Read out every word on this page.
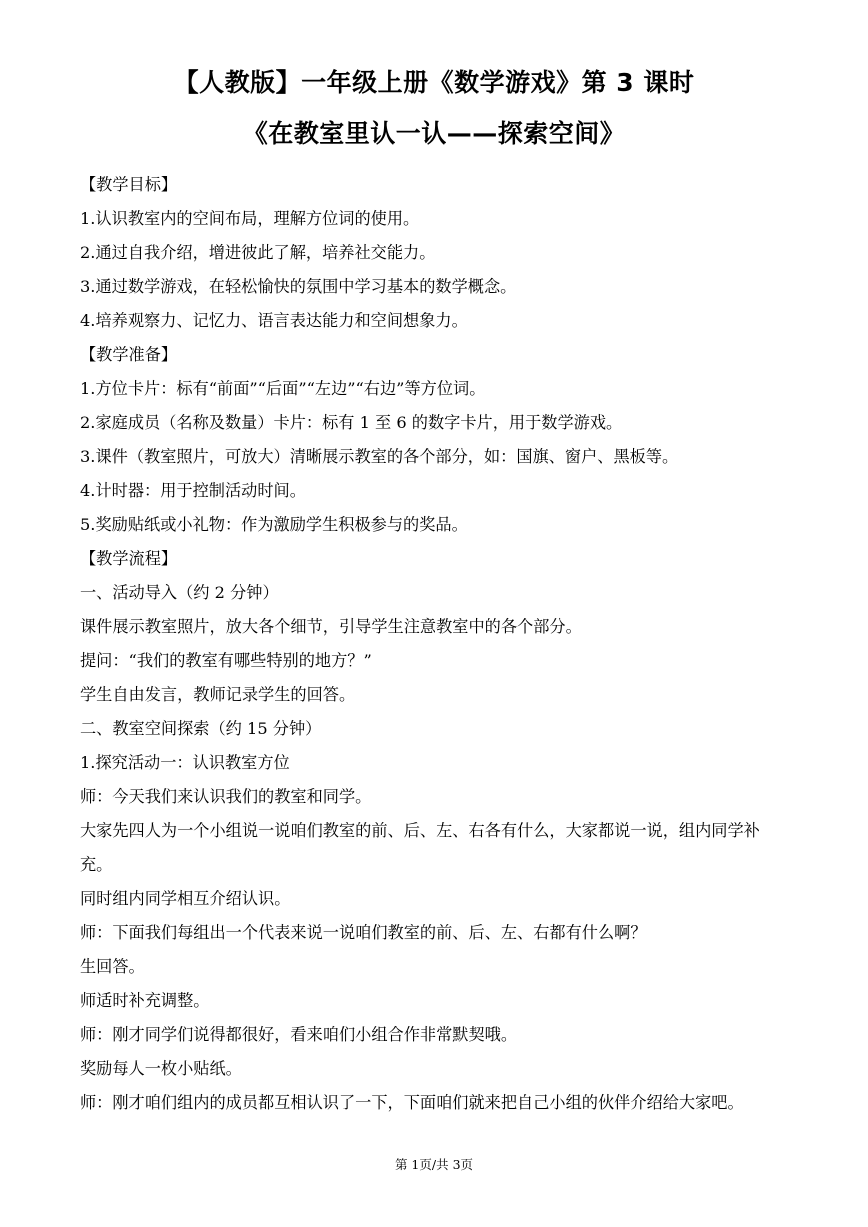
【人教版】一年级上册《数学游戏》第 3 课时
《在教室里认一认——探索空间》
【教学目标】
1.认识教室内的空间布局，理解方位词的使用。
2.通过自我介绍，增进彼此了解，培养社交能力。
3.通过数学游戏，在轻松愉快的氛围中学习基本的数学概念。
4.培养观察力、记忆力、语言表达能力和空间想象力。
【教学准备】
1.方位卡片：标有“前面”“后面”“左边”“右边”等方位词。
2.家庭成员（名称及数量）卡片：标有 1 至 6 的数字卡片，用于数学游戏。
3.课件（教室照片，可放大）清晰展示教室的各个部分，如：国旗、窗户、黑板等。
4.计时器：用于控制活动时间。
5.奖励贴纸或小礼物：作为激励学生积极参与的奖品。
【教学流程】
一、活动导入（约 2 分钟）
课件展示教室照片，放大各个细节，引导学生注意教室中的各个部分。
提问：“我们的教室有哪些特别的地方？”
学生自由发言，教师记录学生的回答。
二、教室空间探索（约 15 分钟）
1.探究活动一：认识教室方位
师：今天我们来认识我们的教室和同学。
大家先四人为一个小组说一说咱们教室的前、后、左、右各有什么，大家都说一说，组内同学补充。
同时组内同学相互介绍认识。
师：下面我们每组出一个代表来说一说咱们教室的前、后、左、右都有什么啊？
生回答。
师适时补充调整。
师：刚才同学们说得都很好，看来咱们小组合作非常默契哦。
奖励每人一枚小贴纸。
师：刚才咱们组内的成员都互相认识了一下，下面咱们就来把自己小组的伙伴介绍给大家吧。
第 1页/共 3页
